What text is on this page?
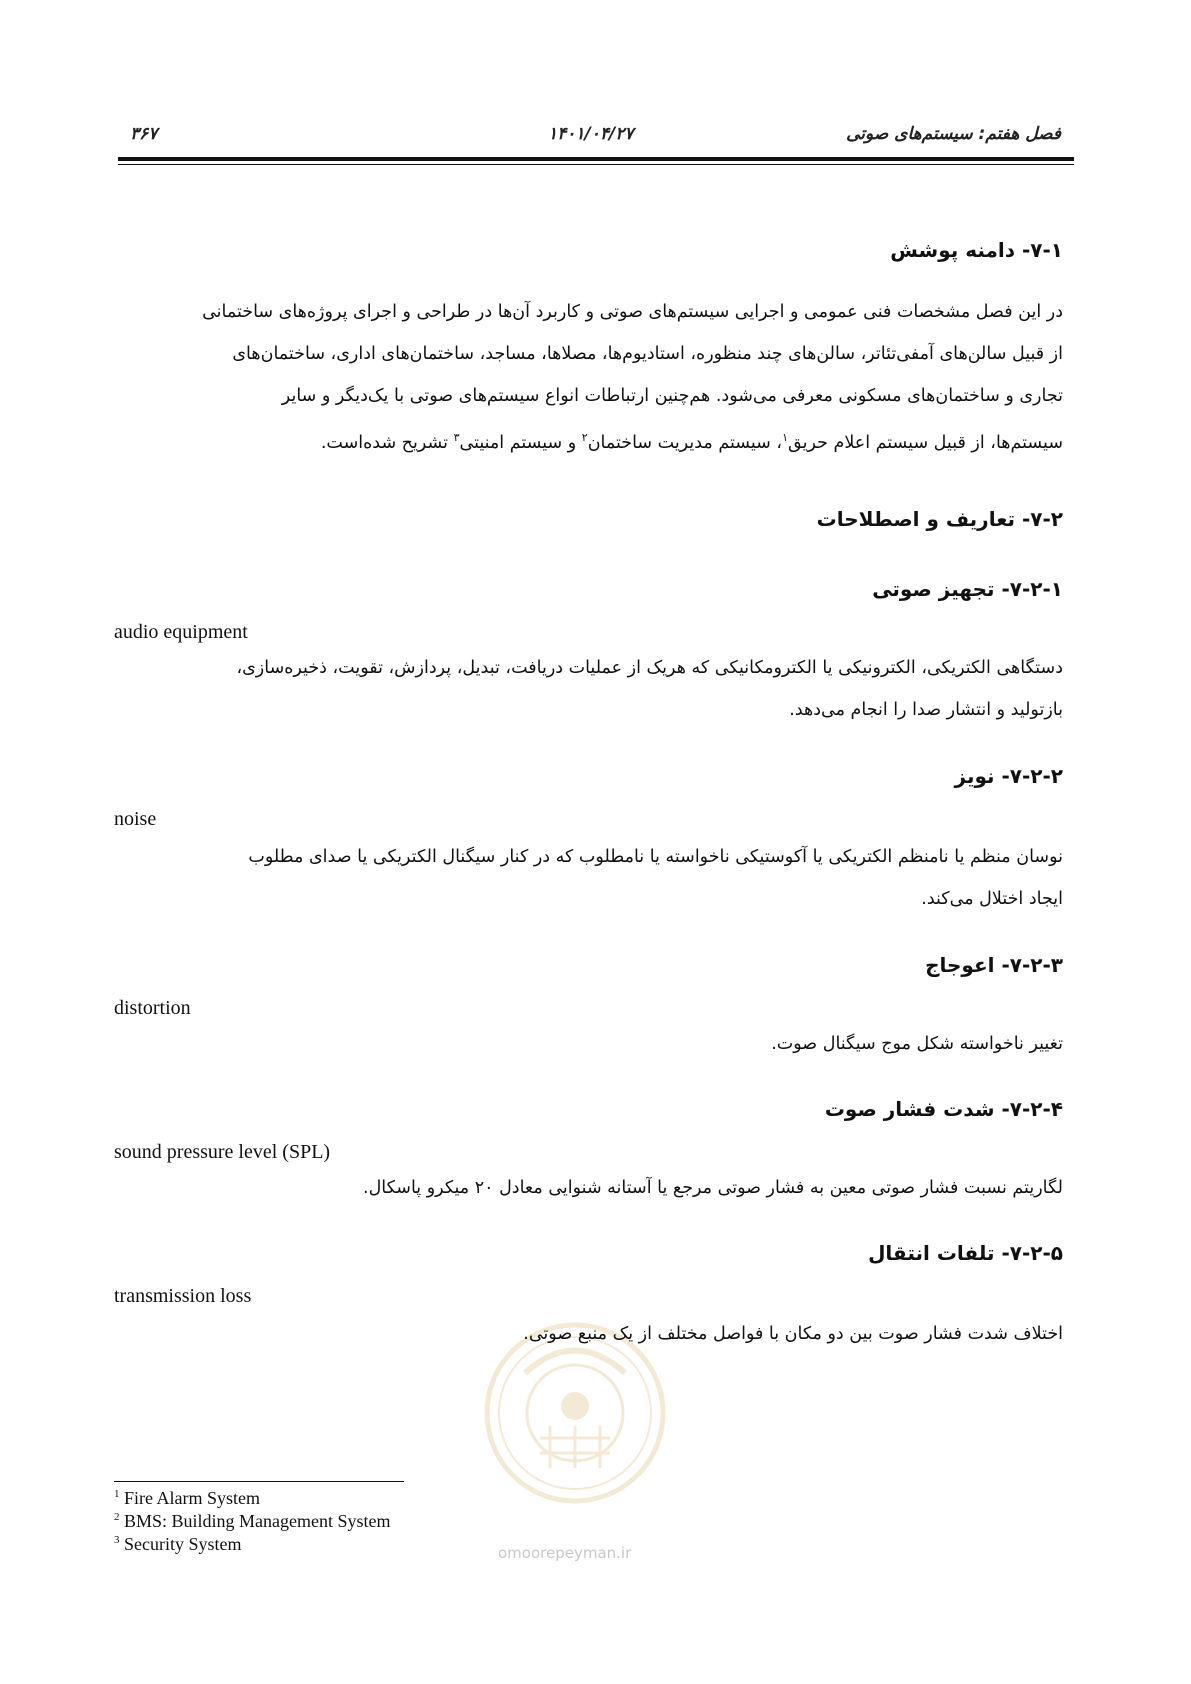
فصل هفتم: سیستم‌های صوتی
۱۴۰۱/۰۴/۲۷
۳۶۷
omoorepeyman.ir
۷-۱- دامنه پوشش
در این فصل مشخصات فنی عمومی و اجرایی سیستم‌های صوتی و کاربرد آن‌ها در طراحی و اجرای پروژه‌های ساختمانی
از قبیل سالن‌های آمفی‌تئاتر، سالن‌های چند منظوره، استادیوم‌ها، مصلاها، مساجد، ساختمان‌های اداری، ساختمان‌های
تجاری و ساختمان‌های مسکونی معرفی می‌شود. هم‌چنین ارتباطات انواع سیستم‌های صوتی با یک‌دیگر و سایر
سیستم‌ها، از قبیل سیستم اعلام حریق$^۱$، سیستم مدیریت ساختمان$^۲$ و سیستم امنیتی$^۳$ تشریح شده‌است.
۷-۲- تعاریف و اصطلاحات
۷-۲-۱- تجهیز صوتی
دستگاهی الکتریکی، الکترونیکی یا الکترومکانیکی که هریک از عملیات دریافت، تبدیل، پردازش، تقویت، ذخیره‌سازی،
بازتولید و انتشار صدا را انجام می‌دهد.
۷-۲-۲- نویز
نوسان منظم یا نامنظم الکتریکی یا آکوستیکی ناخواسته یا نامطلوب که در کنار سیگنال الکتریکی یا صدای مطلوب
ایجاد اختلال می‌کند.
۷-۲-۳- اعوجاج
تغییر ناخواسته شکل موج سیگنال صوت.
۷-۲-۴- شدت فشار صوت
لگاریتم نسبت فشار صوتی معین به فشار صوتی مرجع یا آستانه شنوایی معادل ۲۰ میکرو پاسکال.
۷-۲-۵- تلفات انتقال
اختلاف شدت فشار صوت بین دو مکان با فواصل مختلف از یک منبع صوتی.
audio equipment
noise
distortion
sound pressure level (SPL)
transmission loss
$^1$ Fire Alarm System
$^2$ BMS: Building Management System
$^3$ Security System
